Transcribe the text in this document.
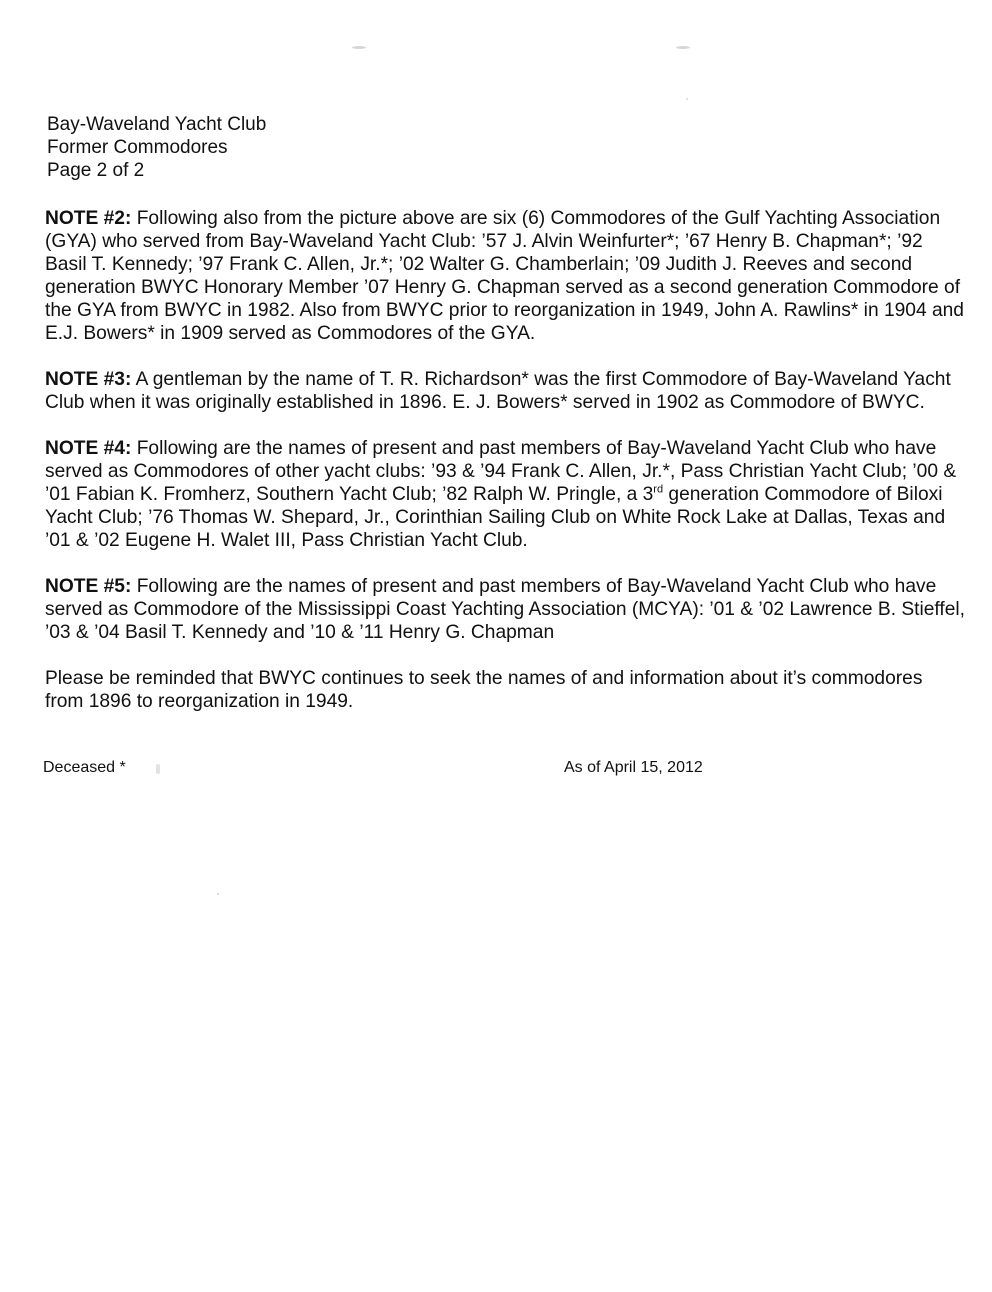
Bay-Waveland Yacht Club
Former Commodores
Page 2 of 2

NOTE #2: Following also from the picture above are six (6) Commodores of the Gulf Yachting Association (GYA) who served from Bay-Waveland Yacht Club: ’57 J. Alvin Weinfurter*; ’67 Henry B. Chapman*; ’92 Basil T. Kennedy; ’97 Frank C. Allen, Jr.*; ’02 Walter G. Chamberlain; ’09 Judith J. Reeves and second generation BWYC Honorary Member ’07 Henry G. Chapman served as a second generation Commodore of the GYA from BWYC in 1982. Also from BWYC prior to reorganization in 1949, John A. Rawlins* in 1904 and E.J. Bowers* in 1909 served as Commodores of the GYA.

NOTE #3: A gentleman by the name of T. R. Richardson* was the first Commodore of Bay-Waveland Yacht Club when it was originally established in 1896. E. J. Bowers* served in 1902 as Commodore of BWYC.

NOTE #4: Following are the names of present and past members of Bay-Waveland Yacht Club who have served as Commodores of other yacht clubs: ’93 & ’94 Frank C. Allen, Jr.*, Pass Christian Yacht Club; ’00 & ’01 Fabian K. Fromherz, Southern Yacht Club; ’82 Ralph W. Pringle, a 3rd generation Commodore of Biloxi Yacht Club; ’76 Thomas W. Shepard, Jr., Corinthian Sailing Club on White Rock Lake at Dallas, Texas and ’01 & ’02 Eugene H. Walet III, Pass Christian Yacht Club.

NOTE #5: Following are the names of present and past members of Bay-Waveland Yacht Club who have served as Commodore of the Mississippi Coast Yachting Association (MCYA): ’01 & ’02 Lawrence B. Stieffel, ’03 & ’04 Basil T. Kennedy and ’10 & ’11 Henry G. Chapman

Please be reminded that BWYC continues to seek the names of and information about it’s commodores from 1896 to reorganization in 1949.

Deceased *	As of April 15, 2012
